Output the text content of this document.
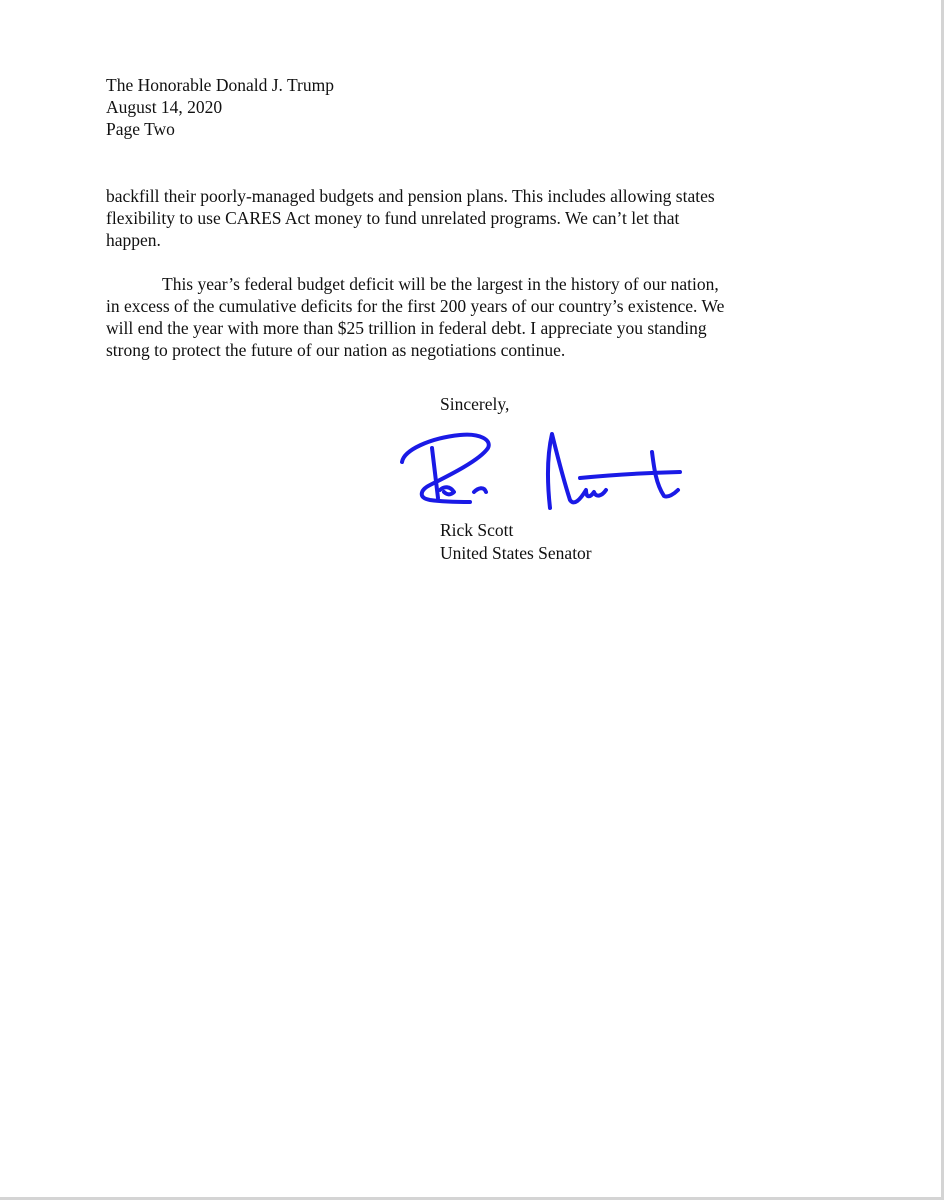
The Honorable Donald J. Trump
August 14, 2020
Page Two
backfill their poorly-managed budgets and pension plans. This includes allowing states
flexibility to use CARES Act money to fund unrelated programs. We can’t let that
happen.
This year’s federal budget deficit will be the largest in the history of our nation,
in excess of the cumulative deficits for the first 200 years of our country’s existence. We
will end the year with more than $25 trillion in federal debt. I appreciate you standing
strong to protect the future of our nation as negotiations continue.
Sincerely,
Rick Scott
United States Senator
